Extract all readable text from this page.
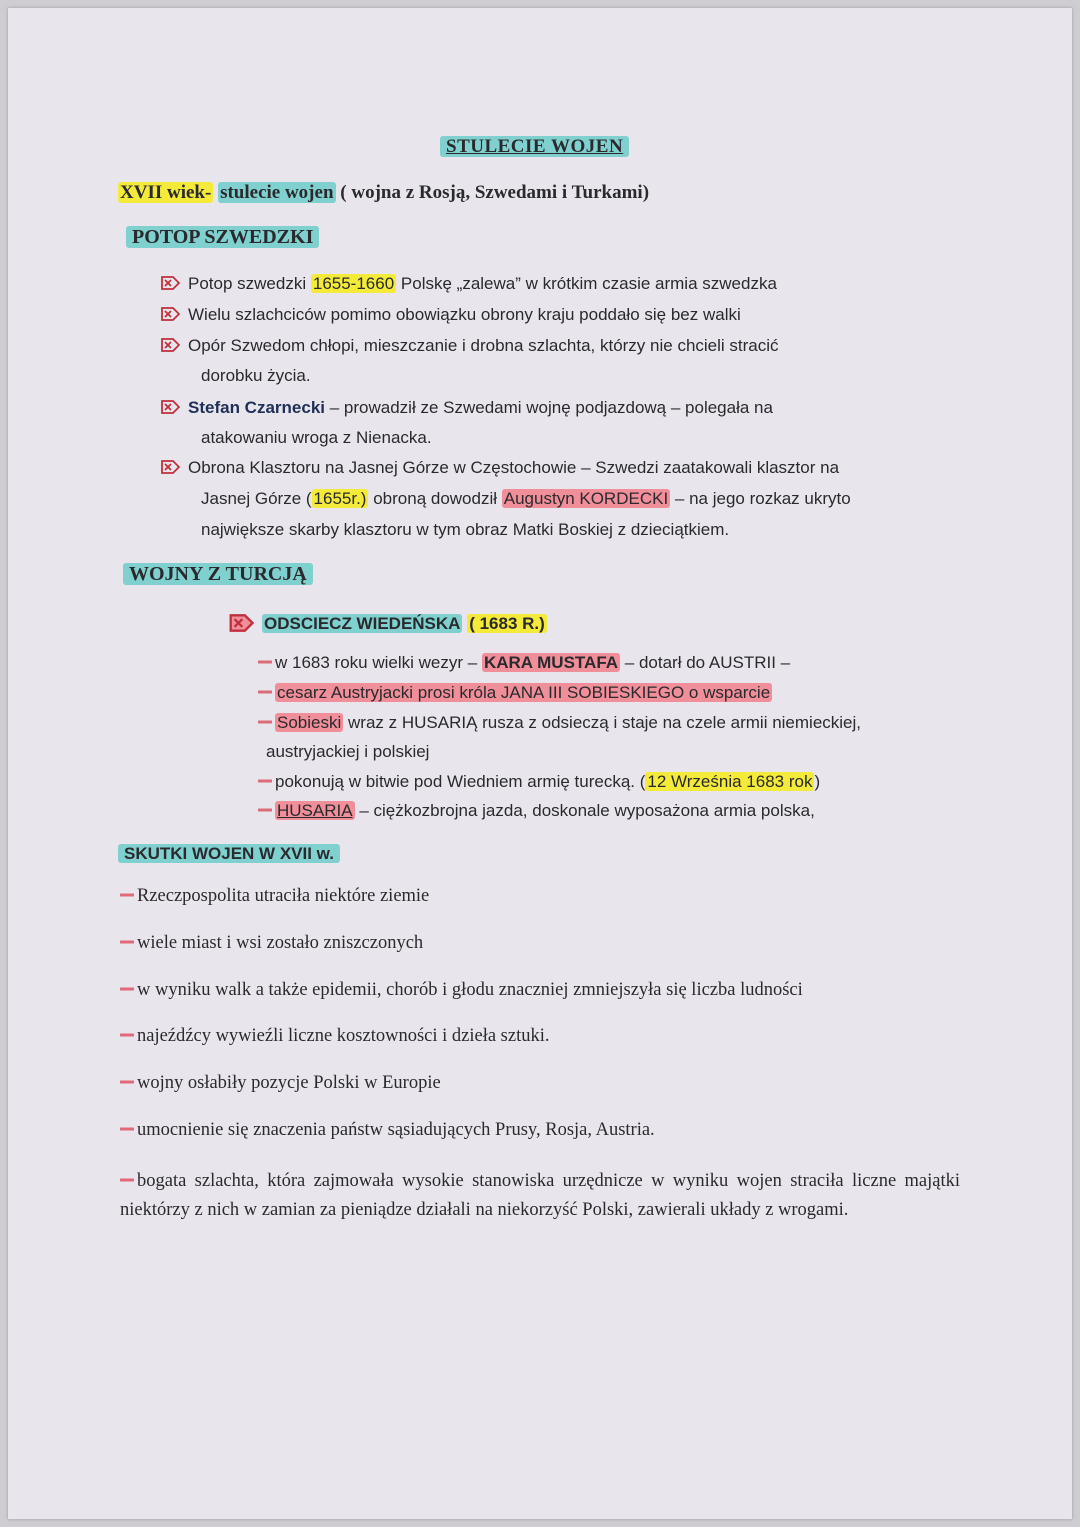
STULECIE WOJEN
XVII wiek- stulecie wojen ( wojna z Rosją, Szwedami i Turkami)
POTOP SZWEDZKI
Potop szwedzki 1655-1660 Polskę „zalewa” w krótkim czasie armia szwedzka
Wielu szlachciców pomimo obowiązku obrony kraju poddało się bez walki
Opór Szwedom chłopi, mieszczanie i drobna szlachta, którzy nie chcieli stracić
dorobku życia.
Stefan Czarnecki – prowadził ze Szwedami wojnę podjazdową – polegała na
atakowaniu wroga z Nienacka.
Obrona Klasztoru na Jasnej Górze w Częstochowie – Szwedzi zaatakowali klasztor na
Jasnej Górze ( 1655r.) obroną dowodził Augustyn KORDECKI – na jego rozkaz ukryto
największe skarby klasztoru w tym obraz Matki Boskiej z dzieciątkiem.
WOJNY Z TURCJĄ
ODSCIECZ WIEDEŃSKA ( 1683 R.)
w 1683 roku wielki wezyr – KARA MUSTAFA – dotarł do AUSTRII –
cesarz Austryjacki prosi króla JANA III SOBIESKIEGO o wsparcie
Sobieski wraz z HUSARIĄ rusza z odsieczą i staje na czele armii niemieckiej,
austryjackiej i polskiej
pokonują w bitwie pod Wiedniem armię turecką. ( 12 Września 1683 rok )
HUSARIA – ciężkozbrojna jazda, doskonale wyposażona armia polska,
SKUTKI WOJEN W XVII w.
Rzeczpospolita utraciła niektóre ziemie
wiele miast i wsi zostało zniszczonych
w wyniku walk a także epidemii, chorób i głodu znaczniej zmniejszyła się liczba ludności
najeźdźcy wywieźli liczne kosztowności i dzieła sztuki.
wojny osłabiły pozycje Polski w Europie
umocnienie się znaczenia państw sąsiadujących Prusy, Rosja, Austria.
bogata szlachta, która zajmowała wysokie stanowiska urzędnicze w wyniku wojen straciła liczne majątki niektórzy z nich w zamian za pieniądze działali na niekorzyść Polski, zawierali układy z wrogami.
